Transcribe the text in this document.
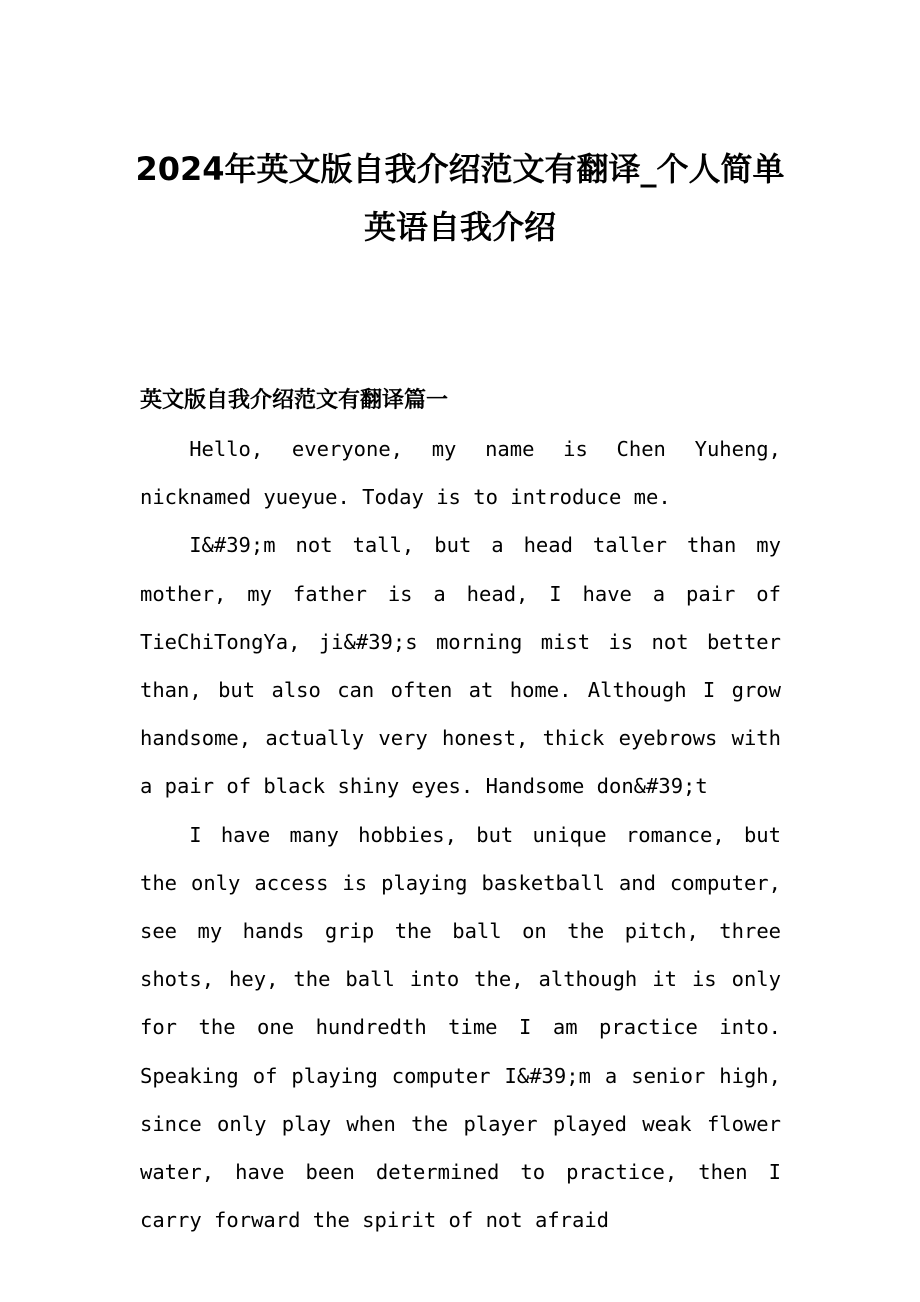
2024年英文版自我介绍范文有翻译_个人简单英语自我介绍
英文版自我介绍范文有翻译篇一

Hello, everyone, my name is Chen Yuheng, nicknamed yueyue. Today is to introduce me.

I&#39;m not tall, but a head taller than my mother, my father is a head, I have a pair of TieChiTongYa, ji&#39;s morning mist is not better than, but also can often at home. Although I grow handsome, actually very honest, thick eyebrows with a pair of black shiny eyes. Handsome don&#39;t

I have many hobbies, but unique romance, but the only access is playing basketball and computer, see my hands grip the ball on the pitch, three shots, hey, the ball into the, although it is only for the one hundredth time I am practice into. Speaking of playing computer I&#39;m a senior high, since only play when the player played weak flower water, have been determined to practice, then I carry forward the spirit of not afraid
